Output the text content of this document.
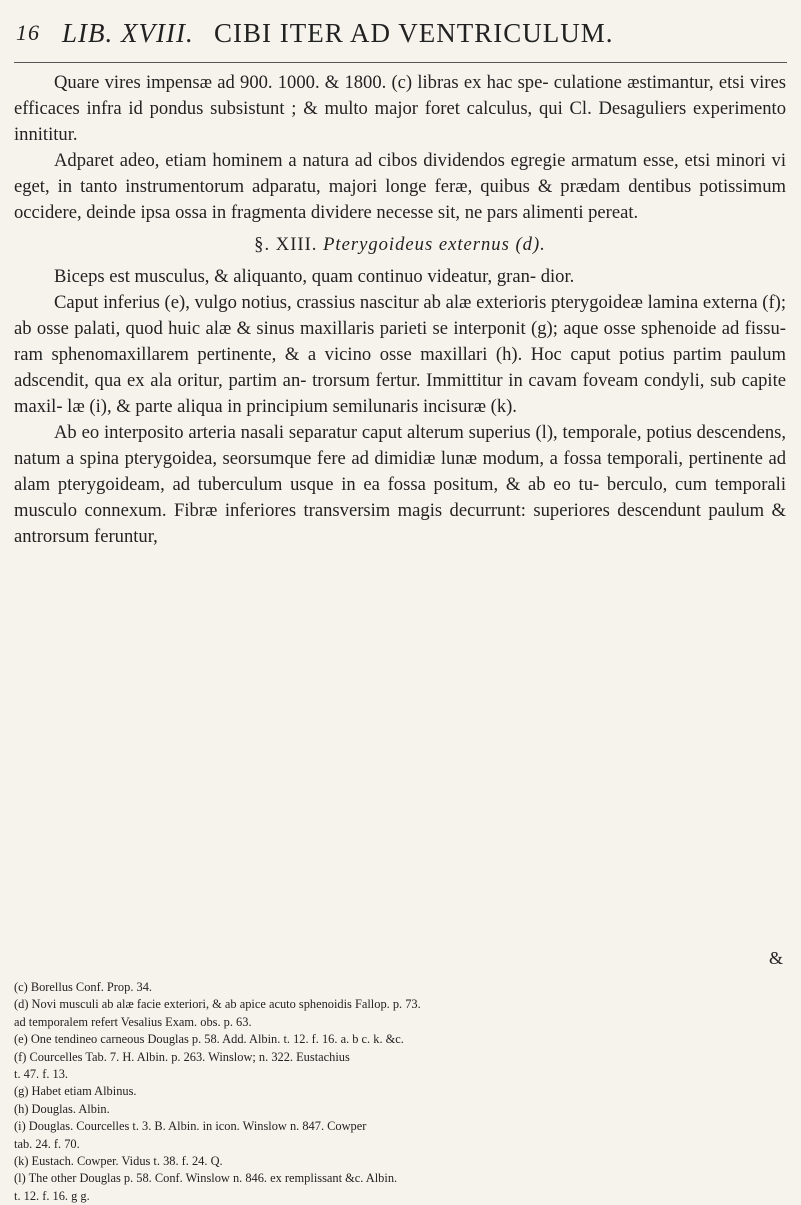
16 LIB. XVIII. CIBI ITER AD VENTRICULUM.

Quare vires impensæ ad 900. 1000. & 1800. (c) libras ex hac spe- culatione æstimantur, etsi vires efficaces infra id pondus subsistunt ; & multo major foret calculus, qui Cl. Desaguliers experimento innititur.

Adparet adeo, etiam hominem a natura ad cibos dividendos egregie armatum esse, etsi minori vi eget, in tanto instrumentorum adparatu, majori longe feræ, quibus & prædam dentibus potissimum occidere, deinde ipsa ossa in fragmenta dividere necesse sit, ne pars alimenti pereat.

§. XIII. Pterygoideus externus (d).

Biceps est musculus, & aliquanto, quam continuo videatur, gran- dior.

Caput inferius (e), vulgo notius, crassius nascitur ab alæ exterioris pterygoideæ lamina externa (f); ab osse palati, quod huic alæ & sinus maxillaris parieti se interponit (g); aque osse sphenoide ad fissu- ram sphenomaxillarem pertinente, & a vicino osse maxillari (h). Hoc caput potius partim paulum adscendit, qua ex ala oritur, partim an- trorsum fertur. Immittitur in cavam foveam condyli, sub capite maxil- læ (i), & parte aliqua in principium semilunaris incisuræ (k).

Ab eo interposito arteria nasali separatur caput alterum superius (l), temporale, potius descendens, natum a spina pterygoidea, seorsumque fere ad dimidiæ lunæ modum, a fossa temporali, pertinente ad alam pterygoideam, ad tuberculum usque in ea fossa positum, & ab eo tu- berculo, cum temporali musculo connexum. Fibræ inferiores transversim magis decurrunt: superiores descendunt paulum & antrorsum feruntur,

&
(c) Borellus Conf. Prop. 34.
(d) Novi musculi ab alæ facie exteriori, & ab apice acuto sphenoidis Fallop. p. 73.
ad temporalem refert Vesalius Exam. obs. p. 63.
(e) One tendineo carneous Douglas p. 58. Add. Albin. t. 12. f. 16. a. b c. k. &c.
(f) Courcelles Tab. 7. H. Albin. p. 263. Winslow; n. 322. Eustachius
t. 47. f. 13.
(g) Habet etiam Albinus.
(h) Douglas. Albin.
(i) Douglas. Courcelles t. 3. B. Albin. in icon. Winslow n. 847. Cowper
tab. 24. f. 70.
(k) Eustach. Cowper. Vidus t. 38. f. 24. Q.
(l) The other Douglas p. 58. Conf. Winslow n. 846. ex remplissant &c. Albin.
t. 12. f. 16. g g.
